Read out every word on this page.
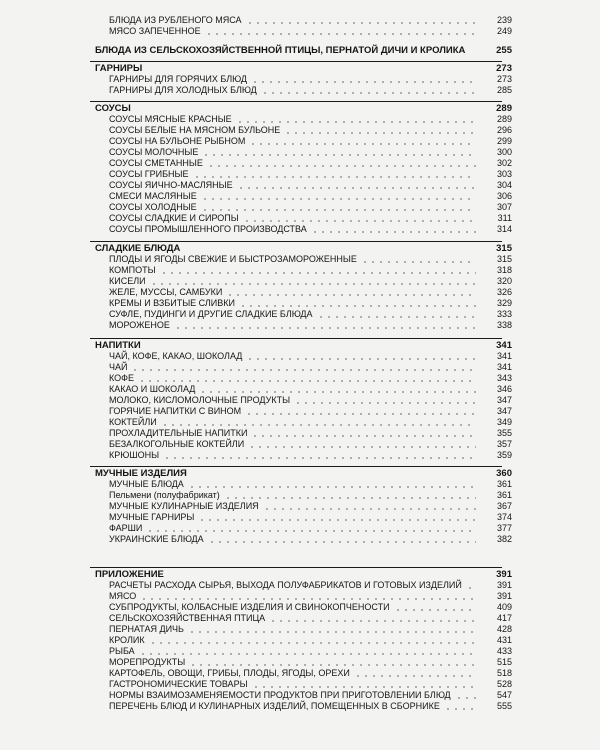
БЛЮДА ИЗ РУБЛЕНОГО МЯСА	239
МЯСО ЗАПЕЧЕННОЕ	249
БЛЮДА ИЗ СЕЛЬСКОХОЗЯЙСТВЕННОЙ ПТИЦЫ, ПЕРНАТОЙ ДИЧИ И КРОЛИКА	255
ГАРНИРЫ	273
ГАРНИРЫ ДЛЯ ГОРЯЧИХ БЛЮД	273
ГАРНИРЫ ДЛЯ ХОЛОДНЫХ БЛЮД	285
СОУСЫ	289
СОУСЫ МЯСНЫЕ КРАСНЫЕ	289
СОУСЫ БЕЛЫЕ НА МЯСНОМ БУЛЬОНЕ	296
СОУСЫ НА БУЛЬОНЕ РЫБНОМ	299
СОУСЫ МОЛОЧНЫЕ	300
СОУСЫ СМЕТАННЫЕ	302
СОУСЫ ГРИБНЫЕ	303
СОУСЫ ЯИЧНО-МАСЛЯНЫЕ	304
СМЕСИ МАСЛЯНЫЕ	306
СОУСЫ ХОЛОДНЫЕ	307
СОУСЫ СЛАДКИЕ И СИРОПЫ	311
СОУСЫ ПРОМЫШЛЕННОГО ПРОИЗВОДСТВА	314
СЛАДКИЕ БЛЮДА	315
ПЛОДЫ И ЯГОДЫ СВЕЖИЕ И БЫСТРОЗАМОРОЖЕННЫЕ	315
КОМПОТЫ	318
КИСЕЛИ	320
ЖЕЛЕ, МУССЫ, САМБУКИ	326
КРЕМЫ И ВЗБИТЫЕ СЛИВКИ	329
СУФЛЕ, ПУДИНГИ И ДРУГИЕ СЛАДКИЕ БЛЮДА	333
МОРОЖЕНОЕ	338
НАПИТКИ	341
ЧАЙ, КОФЕ, КАКАО, ШОКОЛАД	341
ЧАЙ	341
КОФЕ	343
КАКАО И ШОКОЛАД	346
МОЛОКО, КИСЛОМОЛОЧНЫЕ ПРОДУКТЫ	347
ГОРЯЧИЕ НАПИТКИ С ВИНОМ	347
КОКТЕЙЛИ	349
ПРОХЛАДИТЕЛЬНЫЕ НАПИТКИ	355
БЕЗАЛКОГОЛЬНЫЕ КОКТЕЙЛИ	357
КРЮШОНЫ	359
МУЧНЫЕ ИЗДЕЛИЯ	360
МУЧНЫЕ БЛЮДА	361
Пельмени (полуфабрикат)	361
МУЧНЫЕ КУЛИНАРНЫЕ ИЗДЕЛИЯ	367
МУЧНЫЕ ГАРНИРЫ	374
ФАРШИ	377
УКРАИНСКИЕ БЛЮДА	382
ПРИЛОЖЕНИЕ	391
РАСЧЕТЫ РАСХОДА СЫРЬЯ, ВЫХОДА ПОЛУФАБРИКАТОВ И ГОТОВЫХ ИЗДЕЛИЙ	391
МЯСО	391
СУБПРОДУКТЫ, КОЛБАСНЫЕ ИЗДЕЛИЯ И СВИНОКОПЧЕНОСТИ	409
СЕЛЬСКОХОЗЯЙСТВЕННАЯ ПТИЦА	417
ПЕРНАТАЯ ДИЧЬ	428
КРОЛИК	431
РЫБА	433
МОРЕПРОДУКТЫ	515
КАРТОФЕЛЬ, ОВОЩИ, ГРИБЫ, ПЛОДЫ, ЯГОДЫ, ОРЕХИ	518
ГАСТРОНОМИЧЕСКИЕ ТОВАРЫ	528
НОРМЫ ВЗАИМОЗАМЕНЯЕМОСТИ ПРОДУКТОВ ПРИ ПРИГОТОВЛЕНИИ БЛЮД	547
ПЕРЕЧЕНЬ БЛЮД И КУЛИНАРНЫХ ИЗДЕЛИЙ, ПОМЕЩЕННЫХ В СБОРНИКЕ	555
